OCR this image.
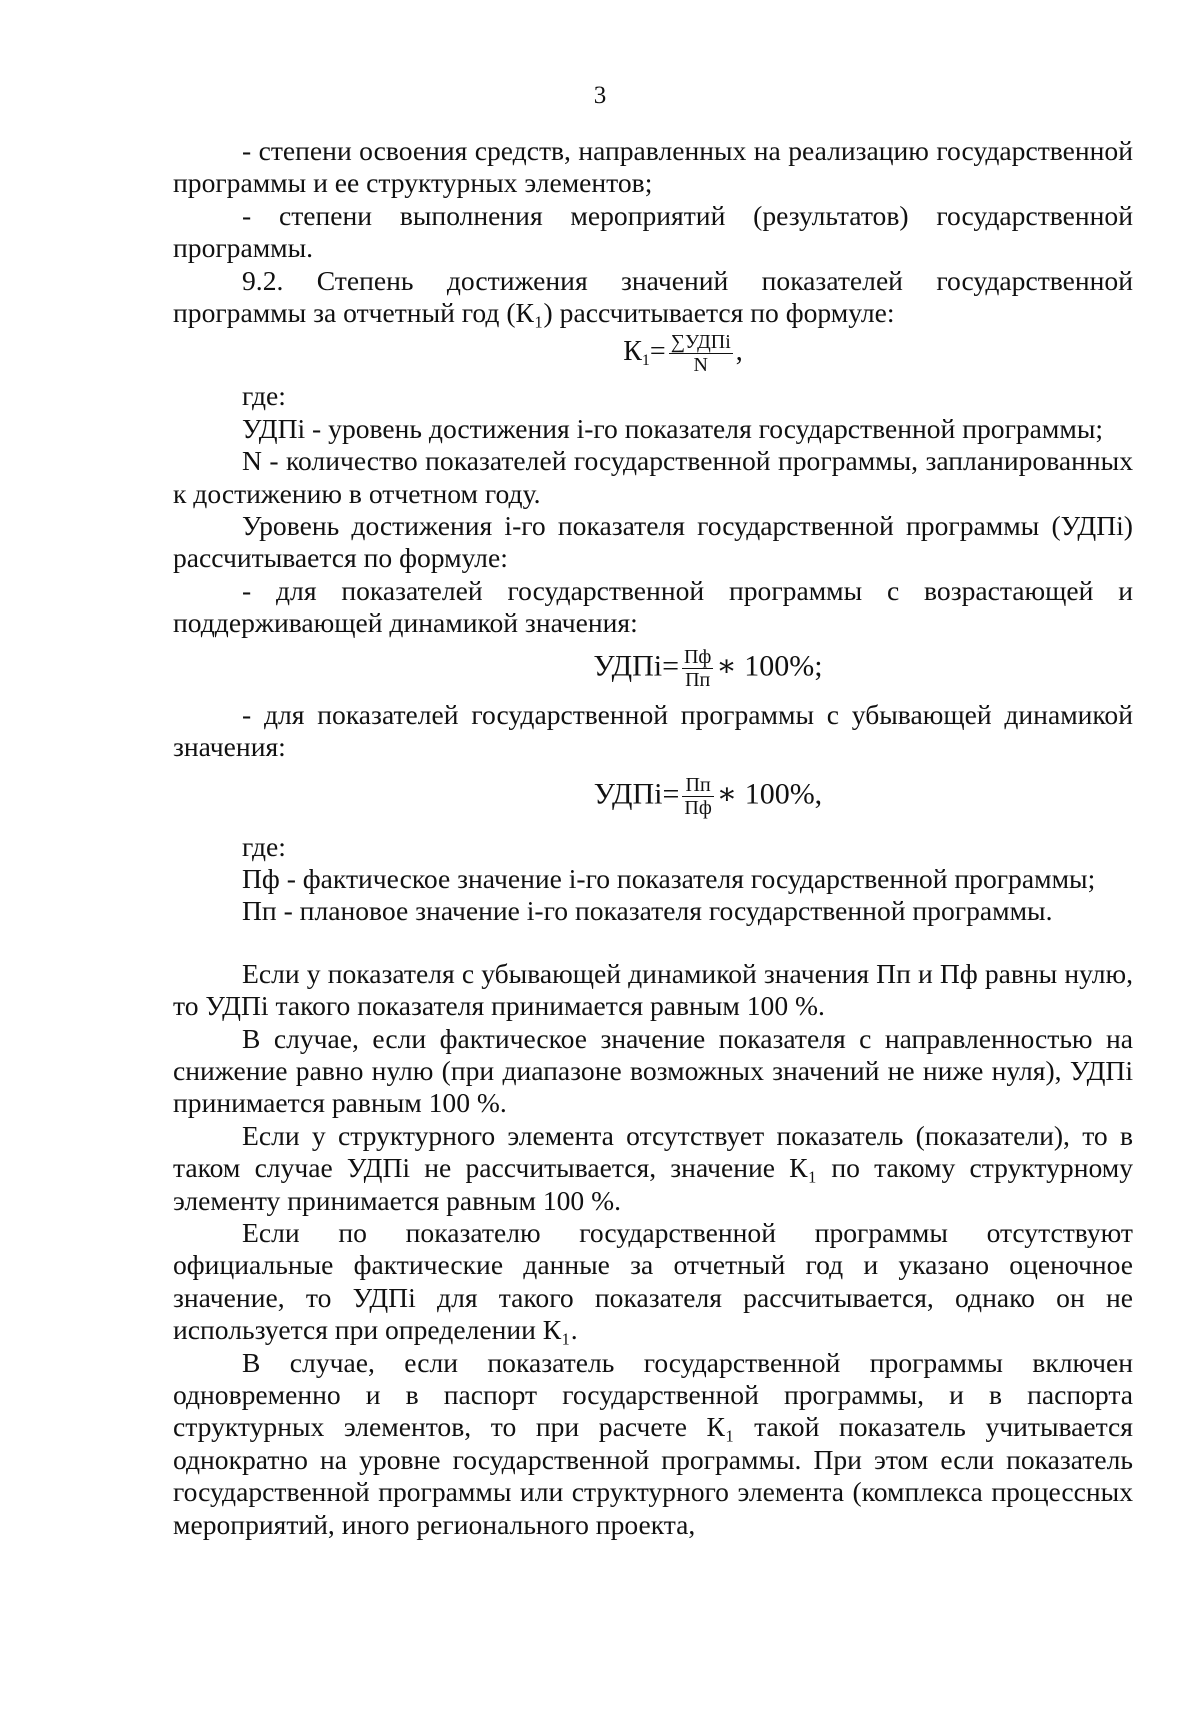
3

- степени освоения средств, направленных на реализацию государственной программы и ее структурных элементов;

- степени выполнения мероприятий (результатов) государственной программы.

9.2. Степень достижения значений показателей государственной программы за отчетный год (К₁) рассчитывается по формуле:

$К_1= \frac{\text{∑УДПi}}{N}$ ,

где:

УДПі - уровень достижения і-го показателя государственной программы;

N - количество показателей государственной программы, запланированных к достижению в отчетном году.

Уровень достижения і-го показателя государственной программы (УДПі) рассчитывается по формуле:

- для показателей государственной программы с возрастающей и поддерживающей динамикой значения:

УДПі= $\frac{Пф}{Пп}$ ∗ 100%;

- для показателей государственной программы с убывающей динамикой значения:

УДПі= $\frac{Пп}{Пф}$ ∗ 100%,

где:

Пф - фактическое значение і-го показателя государственной программы;

Пп - плановое значение і-го показателя государственной программы.

Если у показателя с убывающей динамикой значения Пп и Пф равны нулю, то УДПі такого показателя принимается равным 100 %.

В случае, если фактическое значение показателя с направленностью на снижение равно нулю (при диапазоне возможных значений не ниже нуля), УДПі принимается равным 100 %.

Если у структурного элемента отсутствует показатель (показатели), то в таком случае УДПі не рассчитывается, значение К₁ по такому структурному элементу принимается равным 100 %.

Если по показателю государственной программы отсутствуют официальные фактические данные за отчетный год и указано оценочное значение, то УДПі для такого показателя рассчитывается, однако он не используется при определении К₁.

В случае, если показатель государственной программы включен одновременно и в паспорт государственной программы, и в паспорта структурных элементов, то при расчете К₁ такой показатель учитывается однократно на уровне государственной программы. При этом если показатель государственной программы или структурного элемента (комплекса процессных мероприятий, иного регионального проекта,
